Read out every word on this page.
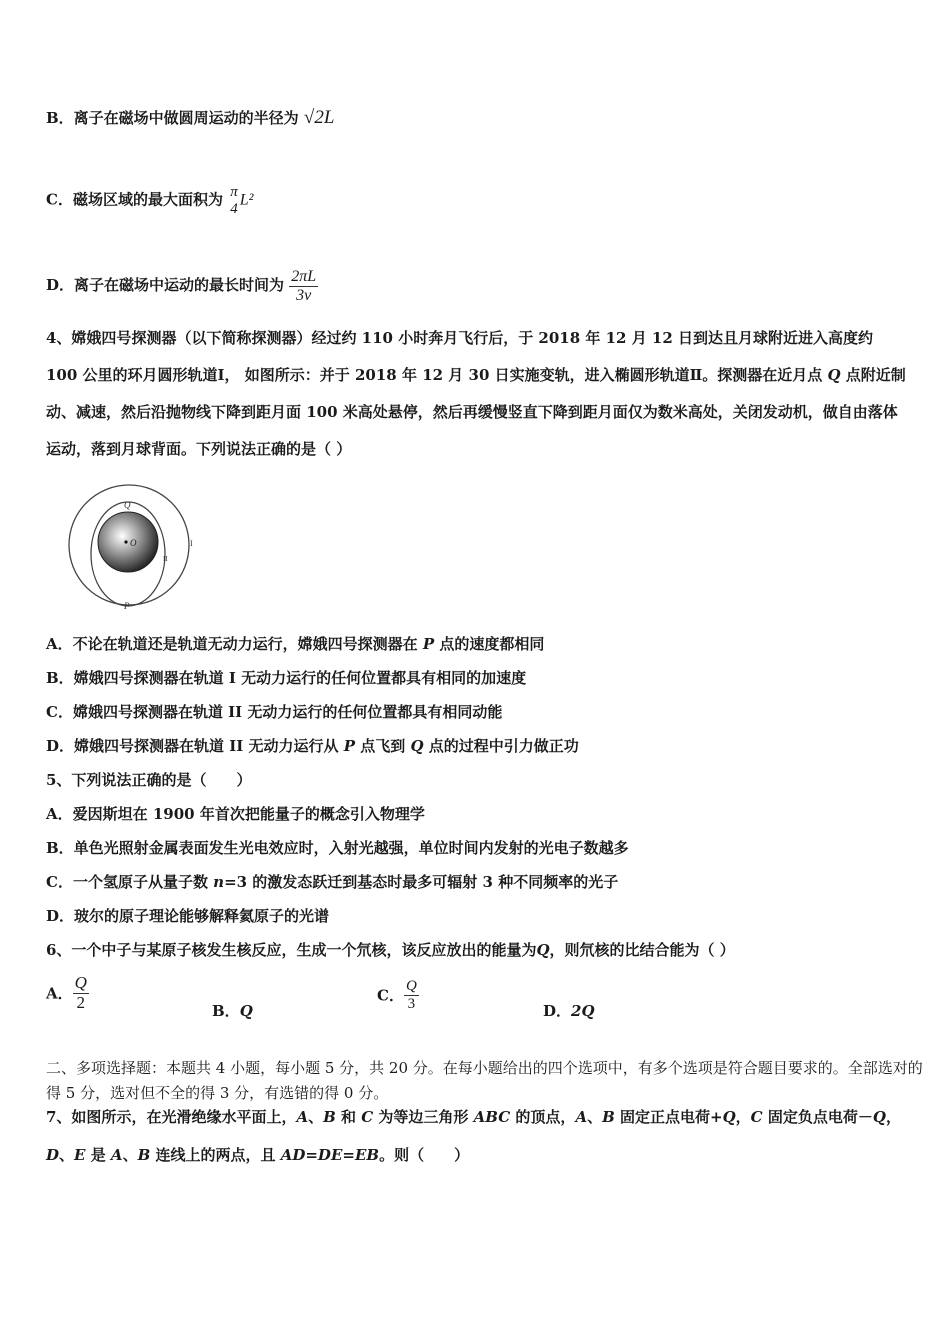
B．离子在磁场中做圆周运动的半径为 √2L
C．磁场区域的最大面积为 π
4 L²
D．离子在磁场中运动的最长时间为 $\frac{2\pi L}{3v}$
4、嫦娥四号探测器（以下简称探测器）经过约 110 小时奔月飞行后，于 2018 年 12 月 12 日到达且月球附近进入高度约 100 公里的环月圆形轨道Ⅰ， 如图所示：并于 2018 年 12 月 30 日实施变轨，进入椭圆形轨道Ⅱ。探测器在近月点 Q 点附近制动、减速，然后沿抛物线下降到距月面 100 米高处悬停，然后再缓慢竖直下降到距月面仅为数米高处，关闭发动机，做自由落体运动，落到月球背面。下列说法正确的是（ ）
O
Q
P
I
II
A．不论在轨道还是轨道无动力运行，嫦娥四号探测器在 P 点的速度都相同
B．嫦娥四号探测器在轨道 I 无动力运行的任何位置都具有相同的加速度
C．嫦娥四号探测器在轨道 II 无动力运行的任何位置都具有相同动能
D．嫦娥四号探测器在轨道 II 无动力运行从 P 点飞到 Q 点的过程中引力做正功
5、下列说法正确的是（　　）
A．爱因斯坦在 1900 年首次把能量子的概念引入物理学
B．单色光照射金属表面发生光电效应时，入射光越强，单位时间内发射的光电子数越多
C．一个氢原子从量子数 n=3 的激发态跃迁到基态时最多可辐射 3 种不同频率的光子
D．玻尔的原子理论能够解释氦原子的光谱
6、一个中子与某原子核发生核反应，生成一个氘核，该反应放出的能量为Q，则氘核的比结合能为（ ）
A． $\frac{Q}{2}$	B．Q
C． $\frac{Q}{3}$	D．2Q
二、多项选择题：本题共 4 小题，每小题 5 分，共 20 分。在每小题给出的四个选项中，有多个选项是符合题目要求的。全部选对的得 5 分，选对但不全的得 3 分，有选错的得 0 分。
7、如图所示，在光滑绝缘水平面上，A、B 和 C 为等边三角形 ABC 的顶点，A、B 固定正点电荷+Q，C 固定负点电荷－Q，D、E 是 A、B 连线上的两点，且 AD=DE=EB。则（　　）
